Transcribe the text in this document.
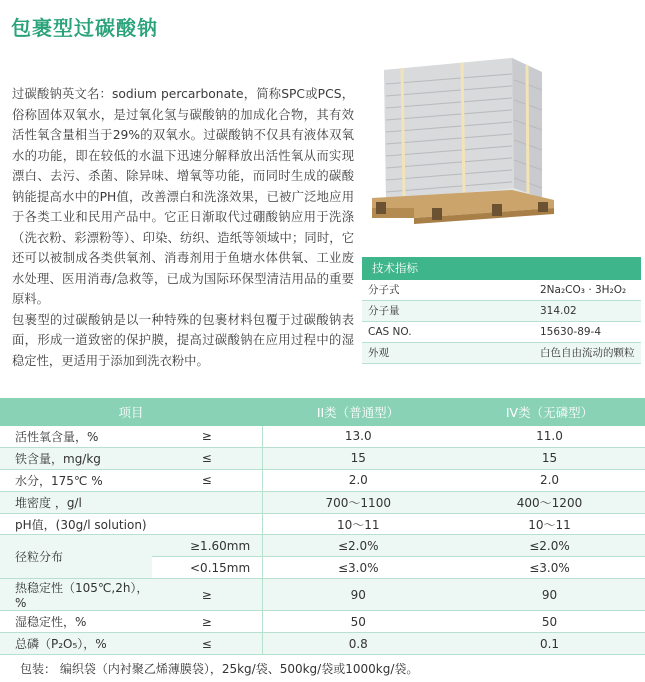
包裹型过碳酸钠

过碳酸钠英文名：sodium percarbonate，简称SPC或PCS，俗称固体双氧水，是过氧化氢与碳酸钠的加成化合物，其有效活性氧含量相当于29%的双氧水。过碳酸钠不仅具有液体双氧水的功能，即在较低的水温下迅速分解释放出活性氧从而实现漂白、去污、杀菌、除异味、增氧等功能，而同时生成的碳酸钠能提高水中的PH值，改善漂白和洗涤效果，已被广泛地应用于各类工业和民用产品中。它正日渐取代过硼酸钠应用于洗涤（洗衣粉、彩漂粉等）、印染、纺织、造纸等领域中；同时，它还可以被制成各类供氧剂、消毒剂用于鱼塘水体供氧、工业废水处理、医用消毒/急救等，已成为国际环保型清洁用品的重要原料。

包裹型的过碳酸钠是以一种特殊的包裹材料包覆于过碳酸钠表面，形成一道致密的保护膜，提高过碳酸钠在应用过程中的湿稳定性，更适用于添加到洗衣粉中。

技术指标
分子式	2Na₂CO₃ · 3H₂O₂
分子量	314.02
CAS NO.	15630-89-4
外观	白色自由流动的颗粒
项目		II类（普通型）	IV类（无磷型）
活性氧含量，%	≥	13.0	11.0
铁含量，mg/kg	≤	15	15
水分，175℃ %	≤	2.0	2.0
堆密度 ，g/l		700～1100	400～1200
pH值，(30g/l solution)		10～11	10～11
径粒分布	≥1.60mm	≤2.0%	≤2.0%
	<0.15mm	≤3.0%	≤3.0%
热稳定性（105℃,2h），%	≥	90	90
湿稳定性，%	≥	50	50
总磷（P₂O₅），%	≤	0.8	0.1
包装： 编织袋（内衬聚乙烯薄膜袋），25kg/袋、500kg/袋或1000kg/袋。
